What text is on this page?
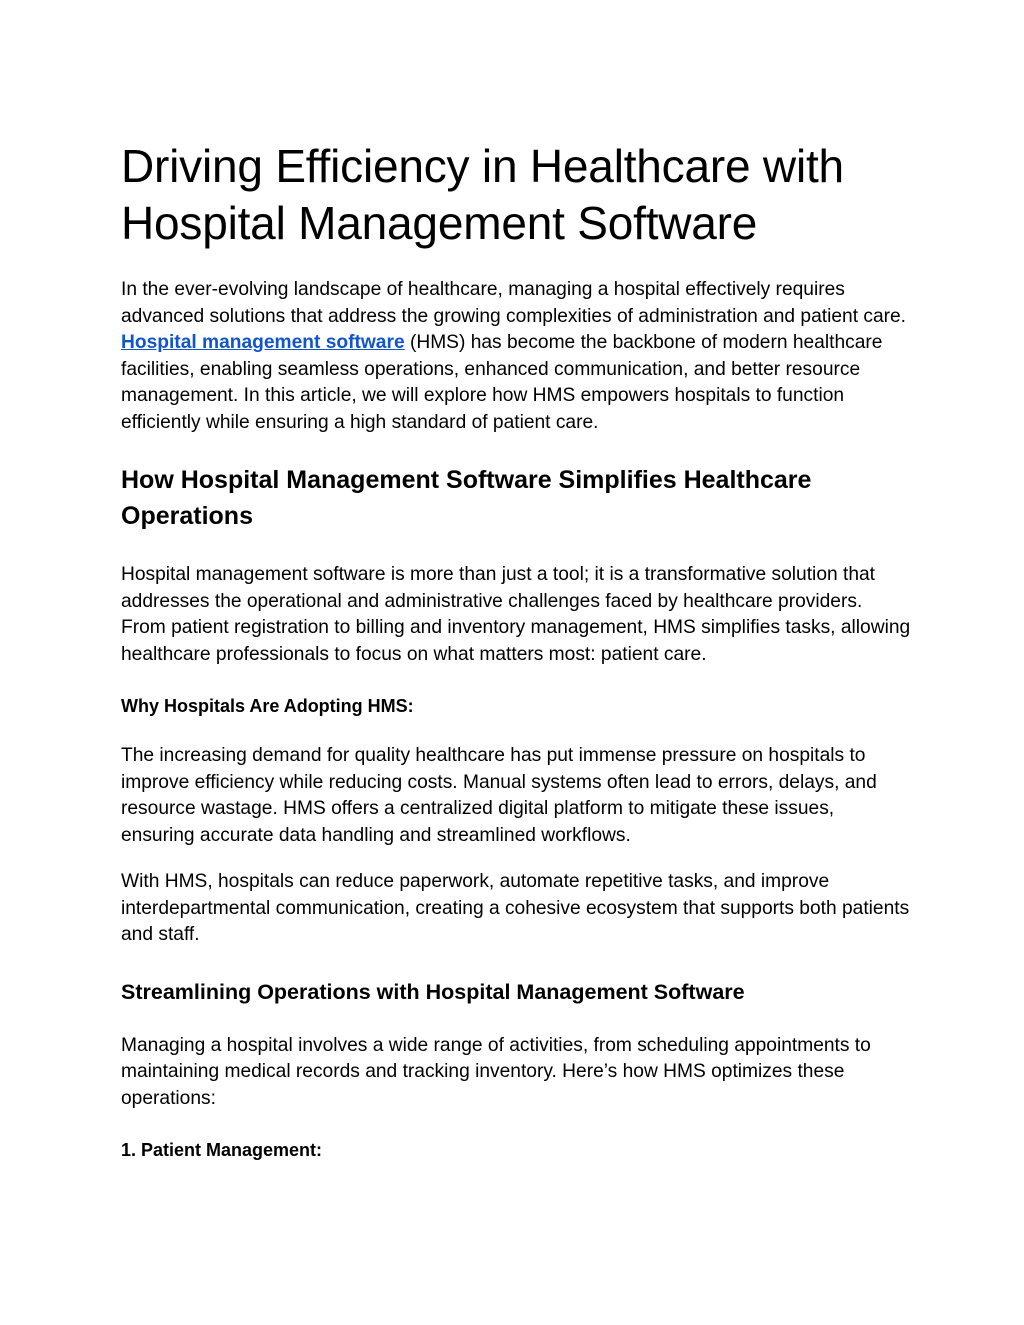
Driving Efficiency in Healthcare with Hospital Management Software

In the ever-evolving landscape of healthcare, managing a hospital effectively requires advanced solutions that address the growing complexities of administration and patient care. Hospital management software (HMS) has become the backbone of modern healthcare facilities, enabling seamless operations, enhanced communication, and better resource management. In this article, we will explore how HMS empowers hospitals to function efficiently while ensuring a high standard of patient care.

How Hospital Management Software Simplifies Healthcare Operations

Hospital management software is more than just a tool; it is a transformative solution that addresses the operational and administrative challenges faced by healthcare providers. From patient registration to billing and inventory management, HMS simplifies tasks, allowing healthcare professionals to focus on what matters most: patient care.

Why Hospitals Are Adopting HMS:

The increasing demand for quality healthcare has put immense pressure on hospitals to improve efficiency while reducing costs. Manual systems often lead to errors, delays, and resource wastage. HMS offers a centralized digital platform to mitigate these issues, ensuring accurate data handling and streamlined workflows.

With HMS, hospitals can reduce paperwork, automate repetitive tasks, and improve interdepartmental communication, creating a cohesive ecosystem that supports both patients and staff.

Streamlining Operations with Hospital Management Software

Managing a hospital involves a wide range of activities, from scheduling appointments to maintaining medical records and tracking inventory. Here’s how HMS optimizes these operations:

1. Patient Management:
